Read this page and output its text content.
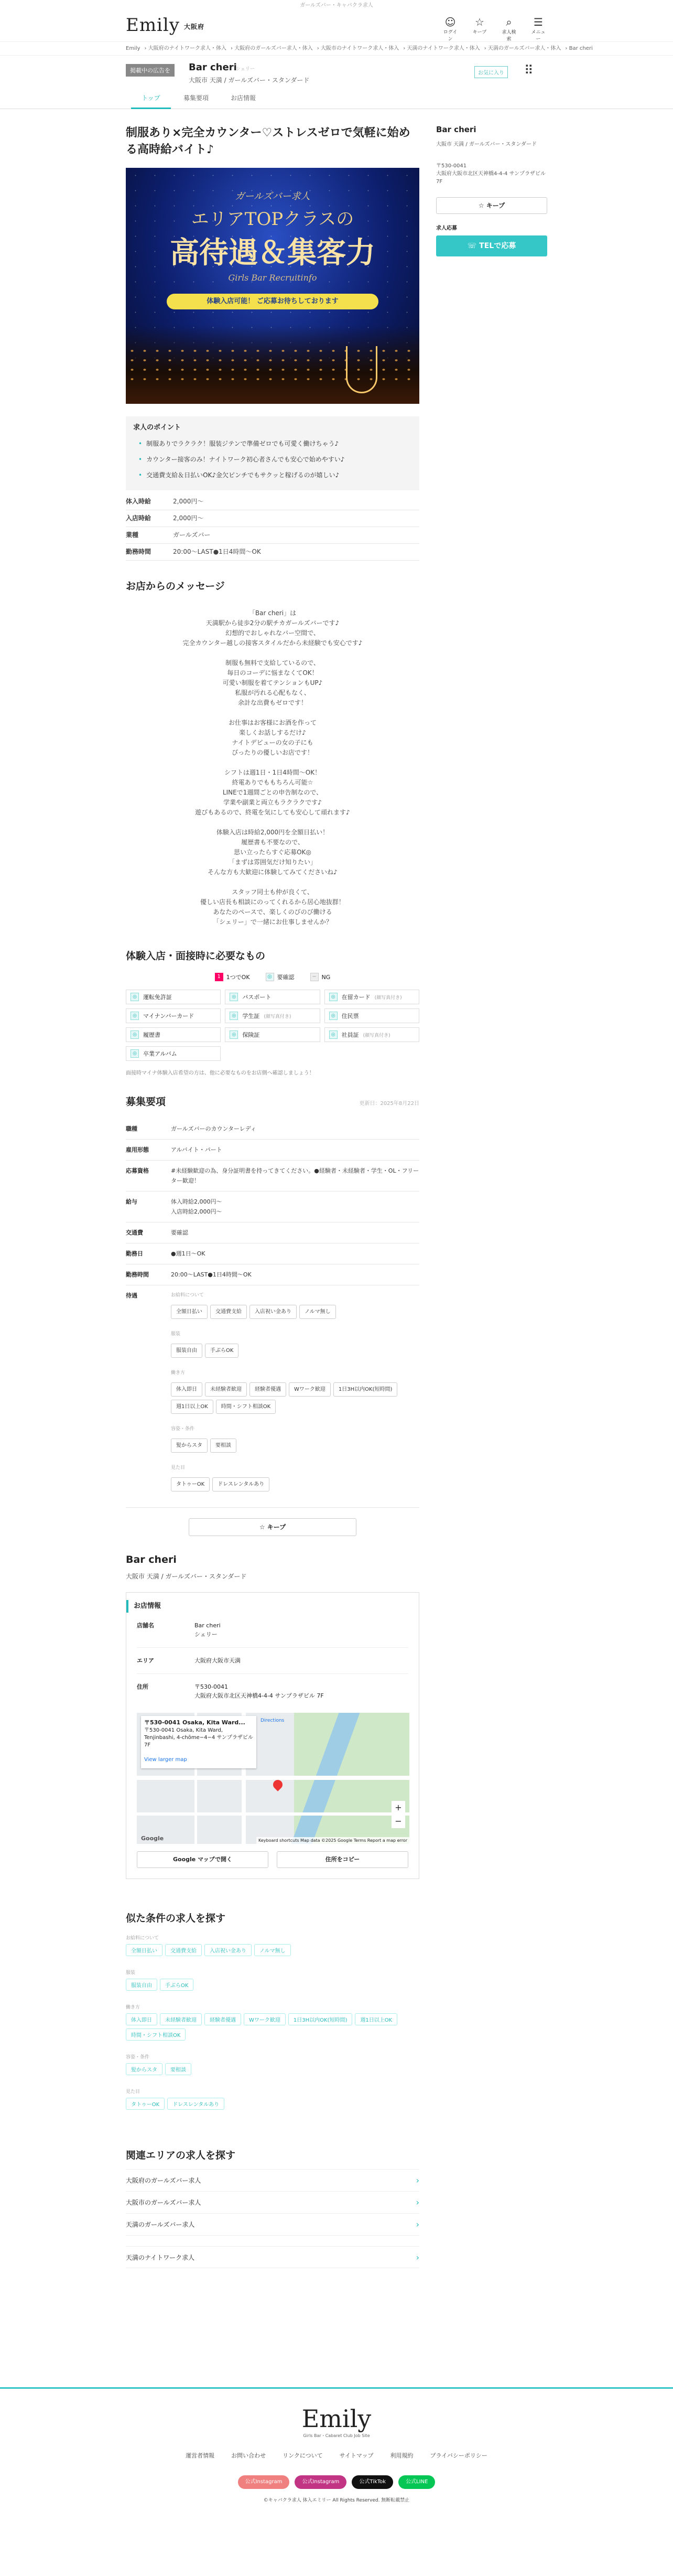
ガールズバー・キャバクラ求人
Emily 大阪府	☺
ログイン
☆
キープ
⌕
求人検索
☰
メニュー
Emily › 大阪府のナイトワーク求人・体入 › 大阪府のガールズバー求人・体入 › 大阪市のナイトワーク求人・体入 › 天満のナイトワーク求人・体入 › 天満のガールズバー求人・体入 › Bar cheri
掲載中の広告を	Bar cheri
シェリー
大阪市 天満 / ガールズバー・スタンダード
お気に入り ⠿
トップ	募集要項	お店情報
制服あり×完全カウンター♡ストレスゼロで気軽に始める高時給バイト♪
ガールズバー求人
エリアTOPクラスの
高待遇＆集客力
Girls Bar Recruitinfo
体験入店可能！ ご応募お待ちしております
求人のポイント
• 制服ありでラクラク！服装ジテンで準備ゼロでも可愛く働けちゃう♪
• カウンター接客のみ！ナイトワーク初心者さんでも安心で始めやすい♪
• 交通費支給＆日払いOK♪金欠ピンチでもサクッと稼げるのが嬉しい♪
体入時給	2,000円〜
入店時給	2,000円〜
業種	ガールズバー
勤務時間	20:00〜LAST●1日4時間〜OK
お店からのメッセージ

「Bar cheri」は
天満駅から徒歩2分の駅チカガールズバーです♪
幻想的でおしゃれなバー空間で、
完全カウンター越しの接客スタイルだから未経験でも安心です♪

制服も無料で支給しているので、
毎日のコーデに悩まなくてOK！
可愛い制服を着てテンションもUP♪
私服が汚れる心配もなく、
余計な出費もゼロです！

お仕事はお客様にお酒を作って
楽しくお話しするだけ♪
ナイトデビューの女の子にも
ぴったりの優しいお店です！

シフトは週1日・1日4時間〜OK！
終電ありでももちろん可能☆
LINEで1週間ごとの申告制なので、
学業や副業と両立もラクラクです♪
遊びもあるので、終電を気にしても安心して頑れます♪

体験入店は時給2,000円を全額日払い！
履歴書も不要なので、
思い立ったらすぐ応募OK◎
「まずは雰囲気だけ知りたい」
そんな方も大歓迎に体験してみてくださいね♪

スタッフ同士も仲が良くて、
優しい店長も相談にのってくれるから居心地抜群！
あなたのペースで、楽しくのびのび働ける
「シェリー」で一緒にお仕事しませんか？

体験入店・面接時に必要なもの
1 1つでOK	◎ 要確認	− NG
◎	運転免許証	◎	パスポート	◎	在留カード (顔写真付き)
◎	マイナンバーカード	◎	学生証 (顔写真付き)	◎	住民票
◎	履歴書	◎	保険証	◎	社員証 (顔写真付き)
◎	卒業アルバム
面接時マイナ体験入店希望の方は、他に必要なものをお店側へ確認しましょう！
募集要項	更新日：2025年8月22日
職種	ガールズバーのカウンターレディ
雇用形態	アルバイト・パート
応募資格	#未経験歓迎の為、身分証明書を持ってきてください。●経験者・未経験者・学生・OL・フリーター歓迎！
給与	体入時給2,000円〜
入店時給2,000円〜
交通費	要確認
勤務日	●週1日〜OK
勤務時間	20:00〜LAST●1日4時間〜OK
待遇	お給料について
全額日払い	交通費支給	入店祝い金あり	ノルマ無し
服装
服装自由	手ぶらOK
働き方
体入即日	未経験者歓迎	経験者優遇	Wワーク歓迎	1日3H以内OK(短時間)週1日以上OK	時間・シフト相談OK
容姿・条件
髪からスタ	要相談
見た目
タトゥーOK	ドレスレンタルあり
☆ キープ
Bar cheri
大阪市 天満 / ガールズバー・スタンダード
お店情報
店舗名	Bar cheri
シェリー
エリア	大阪府大阪市天満
住所	〒530-0041
大阪府大阪市北区天神橋4-4-4 サンプラザビル 7F
〒530-0041 Osaka, Kita Ward...
〒530-0041 Osaka, Kita Ward, Tenjinbashi, 4-chōme−4−4 サンプラザビル 7F
View larger map
Directions
+
−
Google	Keyboard shortcuts Map data ©2025 Google Terms Report a map error
Google マップで開く	住所をコピー
似た条件の求人を探す
お給料について
全額日払い	交通費支給	入店祝い金あり	ノルマ無し
服装
服装自由	手ぶらOK
働き方
体入即日	未経験者歓迎	経験者優遇	Wワーク歓迎	1日3H以内OK(短時間)	週1日以上OK時間・シフト相談OK
容姿・条件
髪からスタ	要相談
見た目
タトゥーOK	ドレスレンタルあり
関連エリアの求人を探す
大阪府のガールズバー求人	›
大阪市のガールズバー求人	›
天満のガールズバー求人	›
天満のナイトワーク求人	›
Bar cheri
大阪市 天満 / ガールズバー・スタンダード
〒530-0041
大阪府大阪市北区天神橋4-4-4 サンプラザビル 7F
☆ キープ
求人応募
☏ TELで応募
Emily
Girls Bar・Cabaret Club Job Site
運営者情報	お問い合わせ	リンクについて	サイトマップ	利用規約	プライバシーポリシー
公式Instagram	公式Instagram	公式TikTok	公式LINE
©キャバクラ求人 体入エミリー All Rights Reserved. 無断転載禁止
